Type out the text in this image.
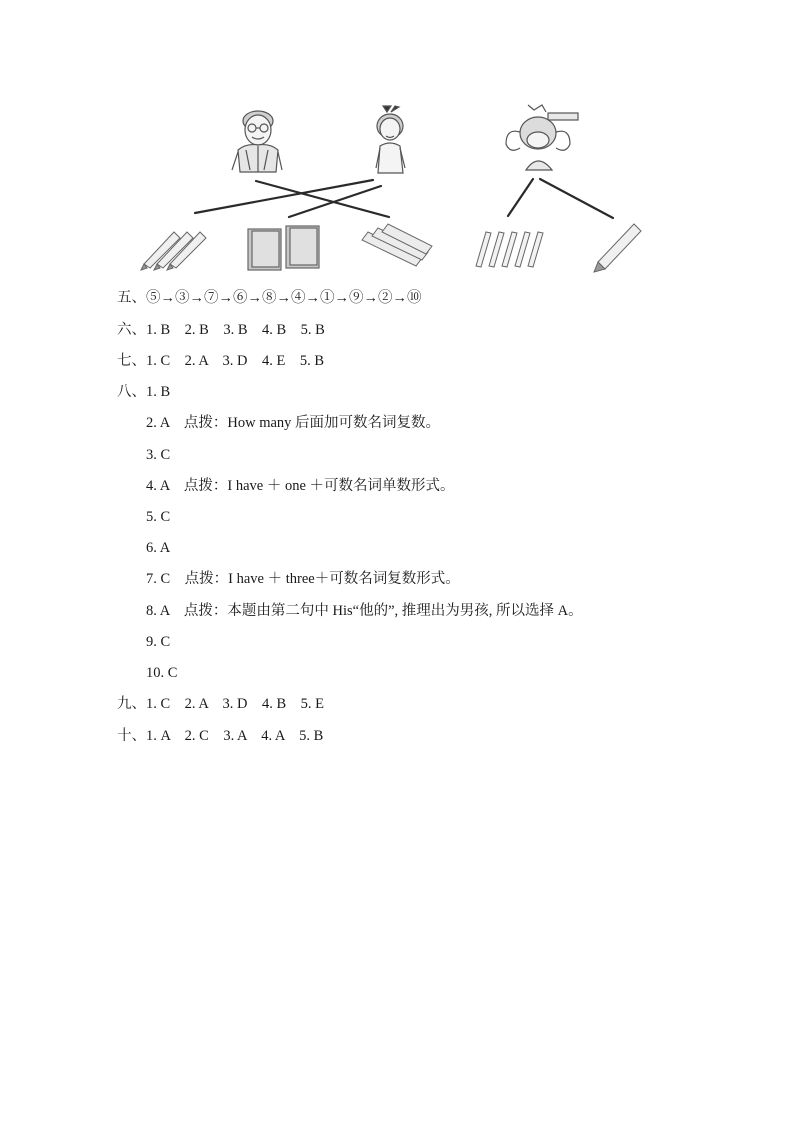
五、⑤→③→⑦→⑥→⑧→④→①→⑨→②→⑩
六、1. B　2. B　3. B　4. B　5. B
七、1. C　2. A　3. D　4. E　5. B
八、1. B
2. A　点拨：How many 后面加可数名词复数。
3. C
4. A　点拨：I have ＋ one ＋可数名词单数形式。
5. C
6. A
7. C　点拨：I have ＋ three＋可数名词复数形式。
8. A　点拨：本题由第二句中 His“他的”, 推理出为男孩, 所以选择 A。
9. C
10. C
九、1. C　2. A　3. D　4. B　5. E
十、1. A　2. C　3. A　4. A　5. B
